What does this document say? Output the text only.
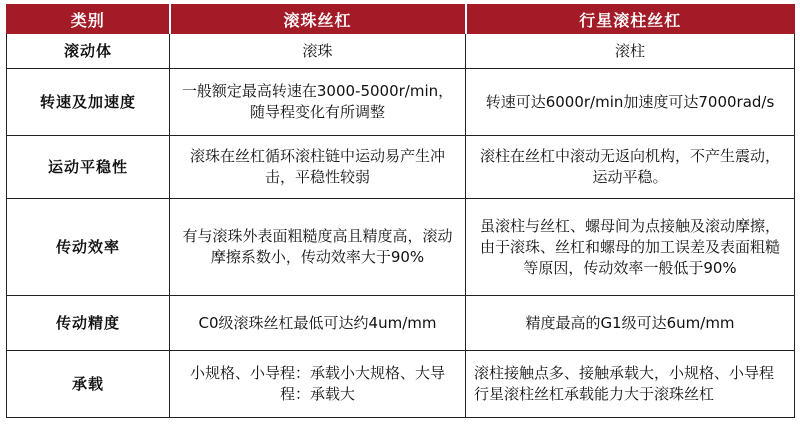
类别	滚珠丝杠	行星滚柱丝杠
滚动体	滚珠	滚柱
转速及加速度	一般额定最高转速在3000-5000r/min，随导程变化有所调整	转速可达6000r/min加速度可达7000rad/s
运动平稳性	滚珠在丝杠循环滚柱链中运动易产生冲击，平稳性较弱	滚柱在丝杠中滚动无返向机构，不产生震动，运动平稳。
传动效率	有与滚珠外表面粗糙度高且精度高，滚动摩擦系数小，传动效率大于90%	虽滚柱与丝杠、螺母间为点接触及滚动摩擦，由于滚珠、丝杠和螺母的加工误差及表面粗糙等原因，传动效率一般低于90%
传动精度	C0级滚珠丝杠最低可达约4um/mm	精度最高的G1级可达6um/mm
承载	小规格、小导程：承载小大规格、大导程：承载大	滚柱接触点多、接触承载大，小规格、小导程行星滚柱丝杠承载能力大于滚珠丝杠
